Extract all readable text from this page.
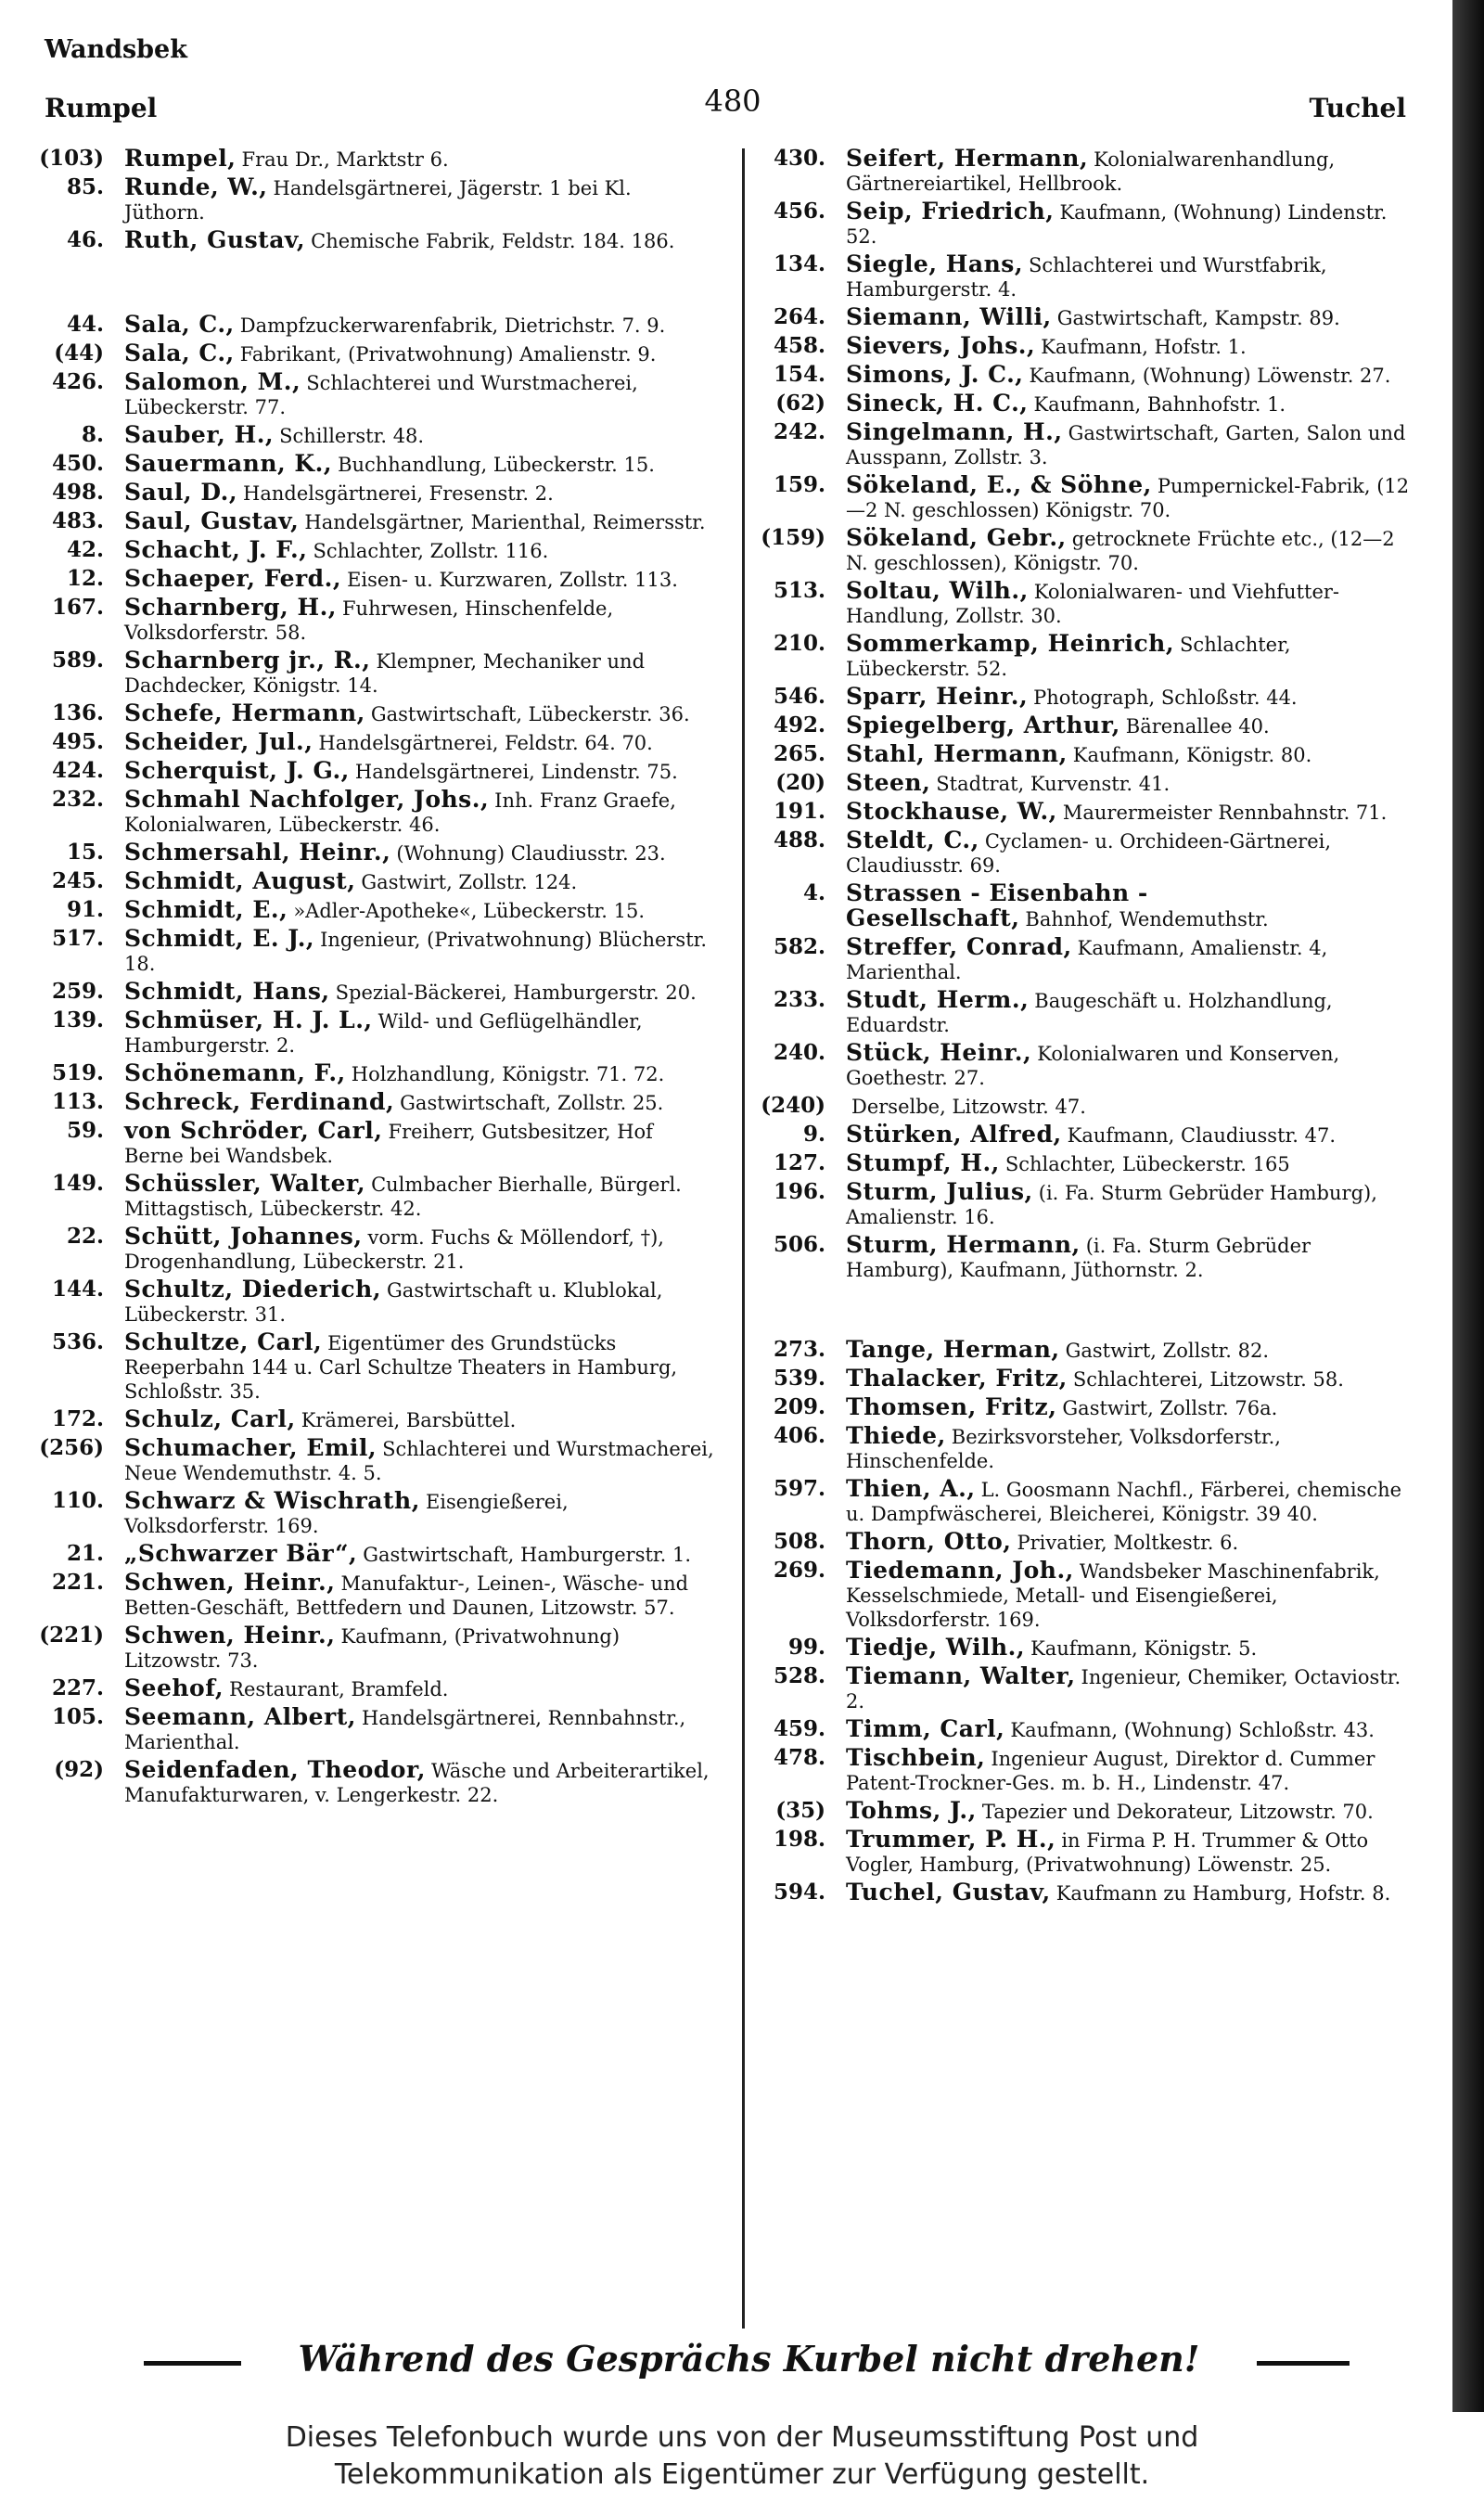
Wandsbek
Rumpel	480	Tuchel
(103) Rumpel, Frau Dr., Marktstr 6.
85. Runde, W., Handelsgärtnerei, Jägerstr. 1 bei Kl. Jüthorn.
46. Ruth, Gustav, Chemische Fabrik, Feldstr. 184. 186.
44. Sala, C., Dampfzuckerwarenfabrik, Dietrichstr. 7. 9.
(44) Sala, C., Fabrikant, (Privatwohnung) Amalienstr. 9.
426. Salomon, M., Schlachterei und Wurstmacherei, Lübeckerstr. 77.
8. Sauber, H., Schillerstr. 48.
450. Sauermann, K., Buchhandlung, Lübeckerstr. 15.
498. Saul, D., Handelsgärtnerei, Fresenstr. 2.
483. Saul, Gustav, Handelsgärtner, Marienthal, Reimersstr.
42. Schacht, J. F., Schlachter, Zollstr. 116.
12. Schaeper, Ferd., Eisen- u. Kurzwaren, Zollstr. 113.
167. Scharnberg, H., Fuhrwesen, Hinschenfelde, Volksdorferstr. 58.
589. Scharnberg jr., R., Klempner, Mechaniker und Dachdecker, Königstr. 14.
136. Schefe, Hermann, Gastwirtschaft, Lübeckerstr. 36.
495. Scheider, Jul., Handelsgärtnerei, Feldstr. 64. 70.
424. Scherquist, J. G., Handelsgärtnerei, Lindenstr. 75.
232. Schmahl Nachfolger, Johs., Inh. Franz Graefe, Kolonialwaren, Lübeckerstr. 46.
15. Schmersahl, Heinr., (Wohnung) Claudiusstr. 23.
245. Schmidt, August, Gastwirt, Zollstr. 124.
91. Schmidt, E., »Adler-Apotheke«, Lübeckerstr. 15.
517. Schmidt, E. J., Ingenieur, (Privatwohnung) Blücherstr. 18.
259. Schmidt, Hans, Spezial-Bäckerei, Hamburgerstr. 20.
139. Schmüser, H. J. L., Wild- und Geflügelhändler, Hamburgerstr. 2.
519. Schönemann, F., Holzhandlung, Königstr. 71. 72.
113. Schreck, Ferdinand, Gastwirtschaft, Zollstr. 25.
59. von Schröder, Carl, Freiherr, Gutsbesitzer, Hof Berne bei Wandsbek.
149. Schüssler, Walter, Culmbacher Bierhalle, Bürgerl. Mittagstisch, Lübeckerstr. 42.
22. Schütt, Johannes, vorm. Fuchs & Möllendorf, †), Drogenhandlung, Lübeckerstr. 21.
144. Schultz, Diederich, Gastwirtschaft u. Klublokal, Lübeckerstr. 31.
536. Schultze, Carl, Eigentümer des Grundstücks Reeperbahn 144 u. Carl Schultze Theaters in Hamburg, Schloßstr. 35.
172. Schulz, Carl, Krämerei, Barsbüttel.
(256) Schumacher, Emil, Schlachterei und Wurstmacherei, Neue Wendemuthstr. 4. 5.
110. Schwarz & Wischrath, Eisengießerei, Volksdorferstr. 169.
21. „Schwarzer Bär“, Gastwirtschaft, Hamburgerstr. 1.
221. Schwen, Heinr., Manufaktur-, Leinen-, Wäsche- und Betten-Geschäft, Bettfedern und Daunen, Litzowstr. 57.
(221) Schwen, Heinr., Kaufmann, (Privatwohnung) Litzowstr. 73.
227. Seehof, Restaurant, Bramfeld.
105. Seemann, Albert, Handelsgärtnerei, Rennbahnstr., Marienthal.
(92) Seidenfaden, Theodor, Wäsche und Arbeiterartikel, Manufakturwaren, v. Lengerkestr. 22.
430. Seifert, Hermann, Kolonialwarenhandlung, Gärtnereiartikel, Hellbrook.
456. Seip, Friedrich, Kaufmann, (Wohnung) Lindenstr. 52.
134. Siegle, Hans, Schlachterei und Wurstfabrik, Hamburgerstr. 4.
264. Siemann, Willi, Gastwirtschaft, Kampstr. 89.
458. Sievers, Johs., Kaufmann, Hofstr. 1.
154. Simons, J. C., Kaufmann, (Wohnung) Löwenstr. 27.
(62) Sineck, H. C., Kaufmann, Bahnhofstr. 1.
242. Singelmann, H., Gastwirtschaft, Garten, Salon und Ausspann, Zollstr. 3.
159. Sökeland, E., & Söhne, Pumpernickel-Fabrik, (12—2 N. geschlossen) Königstr. 70.
(159) Sökeland, Gebr., getrocknete Früchte etc., (12—2 N. geschlossen), Königstr. 70.
513. Soltau, Wilh., Kolonialwaren- und Viehfutter-Handlung, Zollstr. 30.
210. Sommerkamp, Heinrich, Schlachter, Lübeckerstr. 52.
546. Sparr, Heinr., Photograph, Schloßstr. 44.
492. Spiegelberg, Arthur, Bärenallee 40.
265. Stahl, Hermann, Kaufmann, Königstr. 80.
(20) Steen, Stadtrat, Kurvenstr. 41.
191. Stockhause, W., Maurermeister Rennbahnstr. 71.
488. Steldt, C., Cyclamen- u. Orchideen-Gärtnerei, Claudiusstr. 69.
4. Strassen - Eisenbahn - Gesellschaft, Bahnhof, Wendemuthstr.
582. Streffer, Conrad, Kaufmann, Amalienstr. 4, Marienthal.
233. Studt, Herm., Baugeschäft u. Holzhandlung, Eduardstr.
240. Stück, Heinr., Kolonialwaren und Konserven, Goethestr. 27.
(240)	Derselbe, Litzowstr. 47.
9. Stürken, Alfred, Kaufmann, Claudiusstr. 47.
127. Stumpf, H., Schlachter, Lübeckerstr. 165
196. Sturm, Julius, (i. Fa. Sturm Gebrüder Hamburg), Amalienstr. 16.
506. Sturm, Hermann, (i. Fa. Sturm Gebrüder Hamburg), Kaufmann, Jüthornstr. 2.
273. Tange, Herman, Gastwirt, Zollstr. 82.
539. Thalacker, Fritz, Schlachterei, Litzowstr. 58.
209. Thomsen, Fritz, Gastwirt, Zollstr. 76a.
406. Thiede, Bezirksvorsteher, Volksdorferstr., Hinschenfelde.
597. Thien, A., L. Goosmann Nachfl., Färberei, chemische u. Dampfwäscherei, Bleicherei, Königstr. 39 40.
508. Thorn, Otto, Privatier, Moltkestr. 6.
269. Tiedemann, Joh., Wandsbeker Maschinenfabrik, Kesselschmiede, Metall- und Eisengießerei, Volksdorferstr. 169.
99. Tiedje, Wilh., Kaufmann, Königstr. 5.
528. Tiemann, Walter, Ingenieur, Chemiker, Octaviostr. 2.
459. Timm, Carl, Kaufmann, (Wohnung) Schloßstr. 43.
478. Tischbein, Ingenieur August, Direktor d. Cummer Patent-Trockner-Ges. m. b. H., Lindenstr. 47.
(35) Tohms, J., Tapezier und Dekorateur, Litzowstr. 70.
198. Trummer, P. H., in Firma P. H. Trummer & Otto Vogler, Hamburg, (Privatwohnung) Löwenstr. 25.
594. Tuchel, Gustav, Kaufmann zu Hamburg, Hofstr. 8.
Während des Gesprächs Kurbel nicht drehen!
Dieses Telefonbuch wurde uns von der Museumsstiftung Post und
Telekommunikation als Eigentümer zur Verfügung gestellt.
